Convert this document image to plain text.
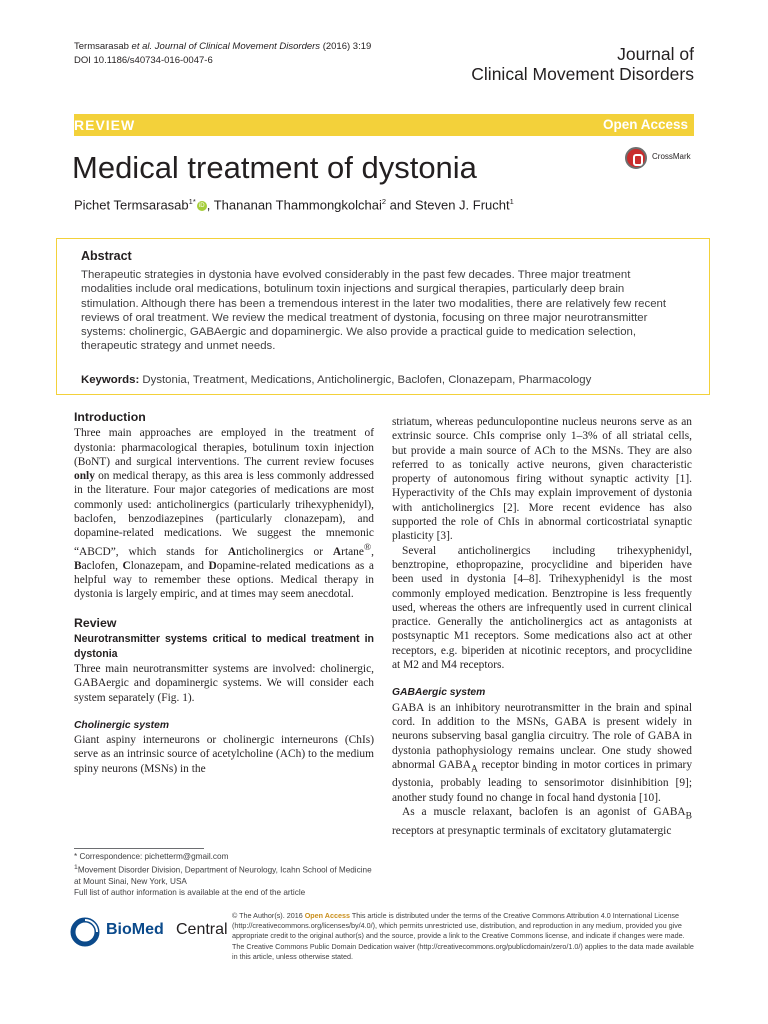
Termsarasab et al. Journal of Clinical Movement Disorders (2016) 3:19
DOI 10.1186/s40734-016-0047-6	Journal of
Clinical Movement Disorders
REVIEW	Open Access
Medical treatment of dystonia	CrossMark
Pichet Termsarasab$^{1*}$ iD , Thananan Thammongkolchai$^2$ and Steven J. Frucht$^1$
Abstract
Therapeutic strategies in dystonia have evolved considerably in the past few decades. Three major treatment modalities include oral medications, botulinum toxin injections and surgical therapies, particularly deep brain stimulation. Although there has been a tremendous interest in the later two modalities, there are relatively few recent reviews of oral treatment. We review the medical treatment of dystonia, focusing on three major neurotransmitter systems: cholinergic, GABAergic and dopaminergic. We also provide a practical guide to medication selection, therapeutic strategy and unmet needs.
Keywords: Dystonia, Treatment, Medications, Anticholinergic, Baclofen, Clonazepam, Pharmacology
Introduction

Three main approaches are employed in the treatment of dystonia: pharmacological therapies, botulinum toxin injection (BoNT) and surgical interventions. The current review focuses only on medical therapy, as this area is less commonly addressed in the literature. Four major categories of medications are most commonly used: anticholinergics (particularly trihexyphenidyl), baclofen, benzodiazepines (particularly clonazepam), and dopamine-related medications. We suggest the mnemonic “ABCD”, which stands for Anticholinergics or Artane®, Baclofen, Clonazepam, and Dopamine-related medications as a helpful way to remember these options. Medical therapy in dystonia is largely empiric, and at times may seem anecdotal.

Review

Neurotransmitter systems critical to medical treatment in dystonia

Three main neurotransmitter systems are involved: cholinergic, GABAergic and dopaminergic systems. We will consider each system separately (Fig. 1).

Cholinergic system

Giant aspiny interneurons or cholinergic interneurons (ChIs) serve as an intrinsic source of acetylcholine (ACh) to the medium spiny neurons (MSNs) in the

* Correspondence: pichetterm@gmail.com
$^1$Movement Disorder Division, Department of Neurology, Icahn School of Medicine at Mount Sinai, New York, USA
Full list of author information is available at the end of the article

striatum, whereas pedunculopontine nucleus neurons serve as an extrinsic source. ChIs comprise only 1–3% of all striatal cells, but provide a main source of ACh to the MSNs. They are also referred to as tonically active neurons, given characteristic property of autonomous firing without synaptic activity [1]. Hyperactivity of the ChIs may explain improvement of dystonia with anticholinergics [2]. More recent evidence has also supported the role of ChIs in abnormal corticostriatal synaptic plasticity [3].

Several anticholinergics including trihexyphenidyl, benztropine, ethopropazine, procyclidine and biperiden have been used in dystonia [4–8]. Trihexyphenidyl is the most commonly employed medication. Benztropine is less frequently used, whereas the others are infrequently used in current clinical practice. Generally the anticholinergics act as antagonists at postsynaptic M1 receptors. Some medications also act at other receptors, e.g. biperiden at nicotinic receptors, and procyclidine at M2 and M4 receptors.

GABAergic system

GABA is an inhibitory neurotransmitter in the brain and spinal cord. In addition to the MSNs, GABA is present widely in neurons subserving basal ganglia circuitry. The role of GABA in dystonia pathophysiology remains unclear. One study showed abnormal $GABA_A$ receptor binding in motor cortices in primary dystonia, probably leading to sensorimotor disinhibition [9]; another study found no change in focal hand dystonia [10].

As a muscle relaxant, baclofen is an agonist of $GABA_B$ receptors at presynaptic terminals of excitatory glutamatergic

BioMed Central
© The Author(s). 2016 Open Access This article is distributed under the terms of the Creative Commons Attribution 4.0 International License (http://creativecommons.org/licenses/by/4.0/), which permits unrestricted use, distribution, and reproduction in any medium, provided you give appropriate credit to the original author(s) and the source, provide a link to the Creative Commons license, and indicate if changes were made. The Creative Commons Public Domain Dedication waiver (http://creativecommons.org/publicdomain/zero/1.0/) applies to the data made available in this article, unless otherwise stated.
